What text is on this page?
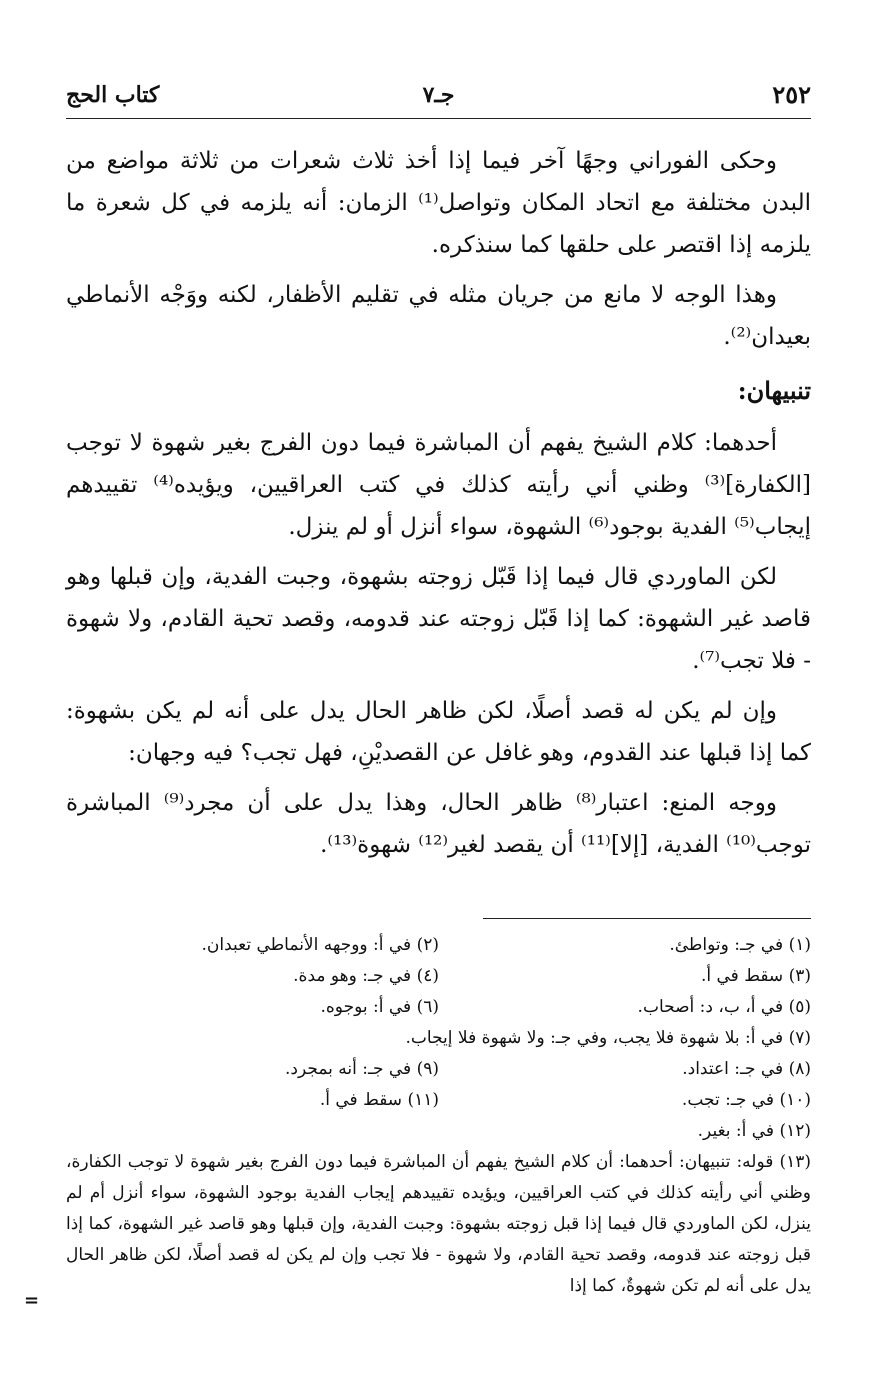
٢٥٢
جـ٧
كتاب الحج

وحكى الفوراني وجهًا آخر فيما إذا أخذ ثلاث شعرات من ثلاثة مواضع من البدن مختلفة مع اتحاد المكان وتواصل⁽¹⁾ الزمان: أنه يلزمه في كل شعرة ما يلزمه إذا اقتصر على حلقها كما سنذكره.

وهذا الوجه لا مانع من جريان مثله في تقليم الأظفار، لكنه ووَجْه الأنماطي بعيدان⁽²⁾.

تنبيهان:

أحدهما: كلام الشيخ يفهم أن المباشرة فيما دون الفرج بغير شهوة لا توجب [الكفارة]⁽³⁾ وظني أني رأيته كذلك في كتب العراقيين، ويؤيده⁽⁴⁾ تقييدهم إيجاب⁽⁵⁾ الفدية بوجود⁽⁶⁾ الشهوة، سواء أنزل أو لم ينزل.

لكن الماوردي قال فيما إذا قَبّل زوجته بشهوة، وجبت الفدية، وإن قبلها وهو قاصد غير الشهوة: كما إذا قَبّل زوجته عند قدومه، وقصد تحية القادم، ولا شهوة - فلا تجب⁽⁷⁾.

وإن لم يكن له قصد أصلًا، لكن ظاهر الحال يدل على أنه لم يكن بشهوة: كما إذا قبلها عند القدوم، وهو غافل عن القصديْنِ، فهل تجب؟ فيه وجهان:

ووجه المنع: اعتبار⁽⁸⁾ ظاهر الحال، وهذا يدل على أن مجرد⁽⁹⁾ المباشرة توجب⁽¹⁰⁾ الفدية، [إلا]⁽¹¹⁾ أن يقصد لغير⁽¹²⁾ شهوة⁽¹³⁾.

(١) في جـ: وتواطئ.
(٢) في أ: ووجهه الأنماطي تعبدان.
(٣) سقط في أ.
(٤) في جـ: وهو مدة.
(٥) في أ، ب، د: أصحاب.
(٦) في أ: بوجوه.
(٧) في أ: بلا شهوة فلا يجب، وفي جـ: ولا شهوة فلا إيجاب.
(٨) في جـ: اعتداد.
(٩) في جـ: أنه بمجرد.
(١٠) في جـ: تجب.
(١١) سقط في أ.
(١٢) في أ: بغير.
(١٣) قوله: تنبيهان: أحدهما: أن كلام الشيخ يفهم أن المباشرة فيما دون الفرج بغير شهوة لا توجب الكفارة، وظني أني رأيته كذلك في كتب العراقيين، ويؤيده تقييدهم إيجاب الفدية بوجود الشهوة، سواء أنزل أم لم ينزل، لكن الماوردي قال فيما إذا قبل زوجته بشهوة: وجبت الفدية، وإن قبلها وهو قاصد غير الشهوة، كما إذا قبل زوجته عند قدومه، وقصد تحية القادم، ولا شهوة - فلا تجب وإن لم يكن له قصد أصلًا، لكن ظاهر الحال يدل على أنه لم تكن شهوةٌ، كما إذا
=
